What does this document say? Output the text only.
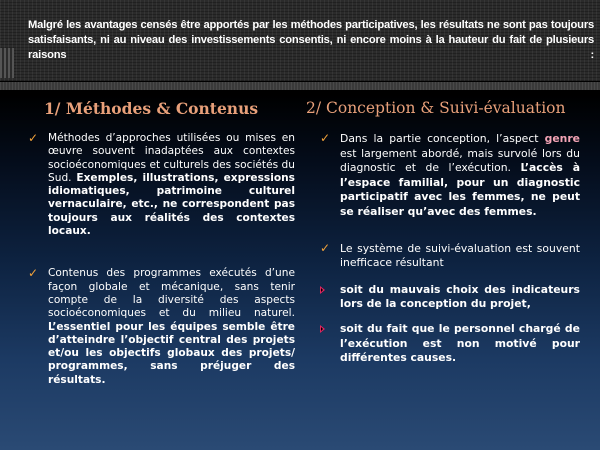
Malgré les avantages censés être apportés par les méthodes participatives, les résultats ne sont pas toujours satisfaisants, ni au niveau des investissements consentis, ni encore moins à la hauteur du fait de plusieurs raisons :
1/ Méthodes & Contenus	2/ Conception & Suivi-évaluation
✓ Méthodes d’approches utilisées ou mises en œuvre souvent inadaptées aux contextes socioéconomiques et culturels des sociétés du Sud. Exemples, illustrations, expressions idiomatiques, patrimoine culturel vernaculaire, etc., ne correspondent pas toujours aux réalités des contextes locaux.
✓ Contenus des programmes exécutés d’une façon globale et mécanique, sans tenir compte de la diversité des aspects socioéconomiques et du milieu naturel. L’essentiel pour les équipes semble être d’atteindre l’objectif central des projets et/ou les objectifs globaux des projets/ programmes, sans préjuger des résultats.
✓ Dans la partie conception, l’aspect genre est largement abordé, mais survolé lors du diagnostic et de l’exécution. L’accès à l’espace familial, pour un diagnostic participatif avec les femmes, ne peut se réaliser qu’avec des femmes.
✓ Le système de suivi-évaluation est souvent inefficace résultant
soit du mauvais choix des indicateurs lors de la conception du projet,
soit du fait que le personnel chargé de l’exécution est non motivé pour différentes causes.
